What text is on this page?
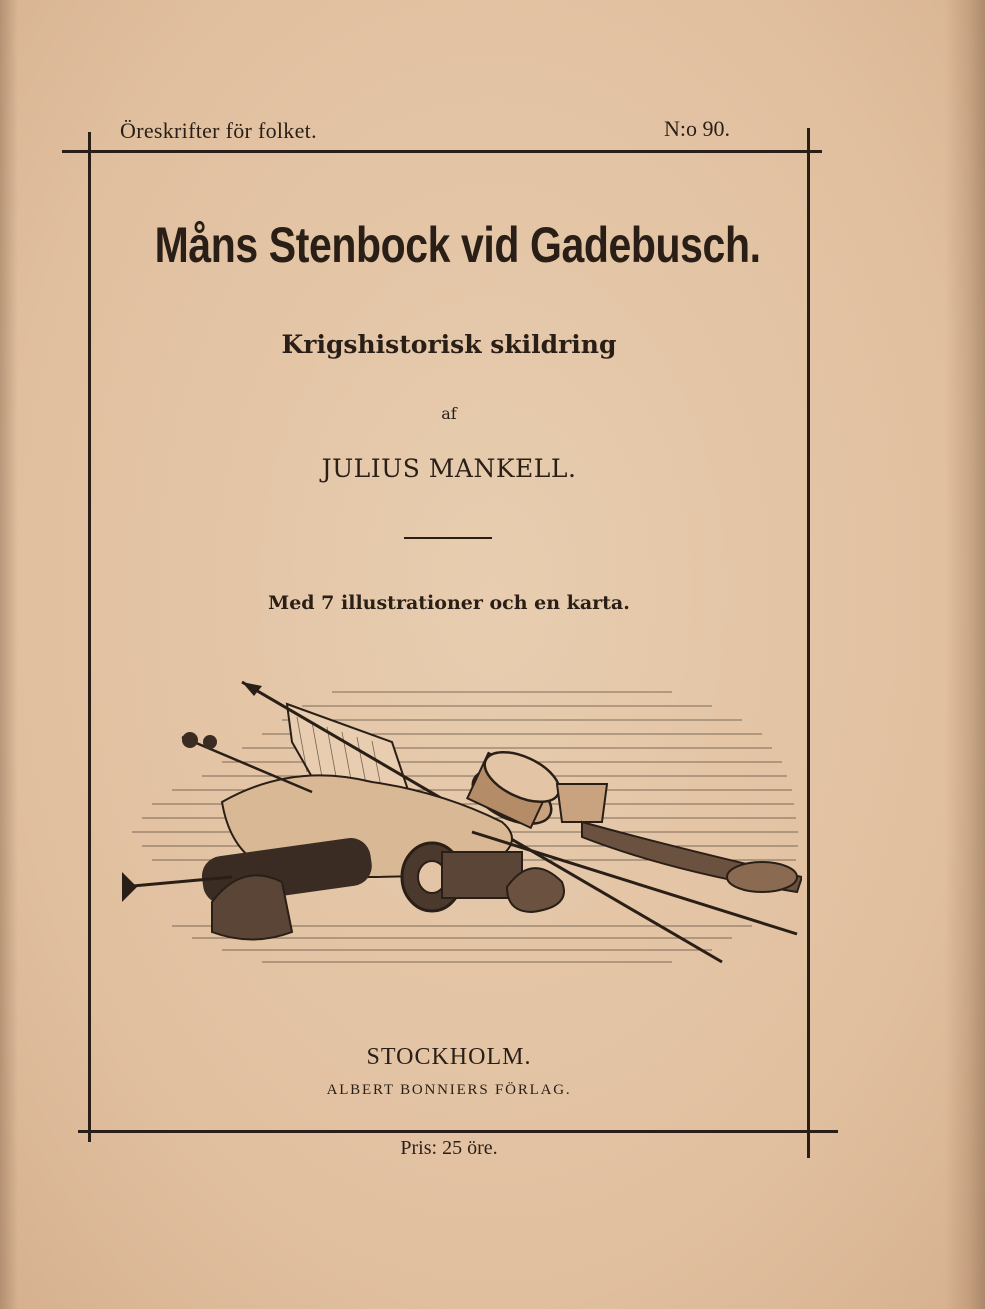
Öreskrifter för folket.	N:o 90.
Måns Stenbock vid Gadebusch.
Krigshistorisk skildring
af
JULIUS MANKELL.
Med 7 illustrationer och en karta.
STOCKHOLM.
ALBERT BONNIERS FÖRLAG.
Pris: 25 öre.
